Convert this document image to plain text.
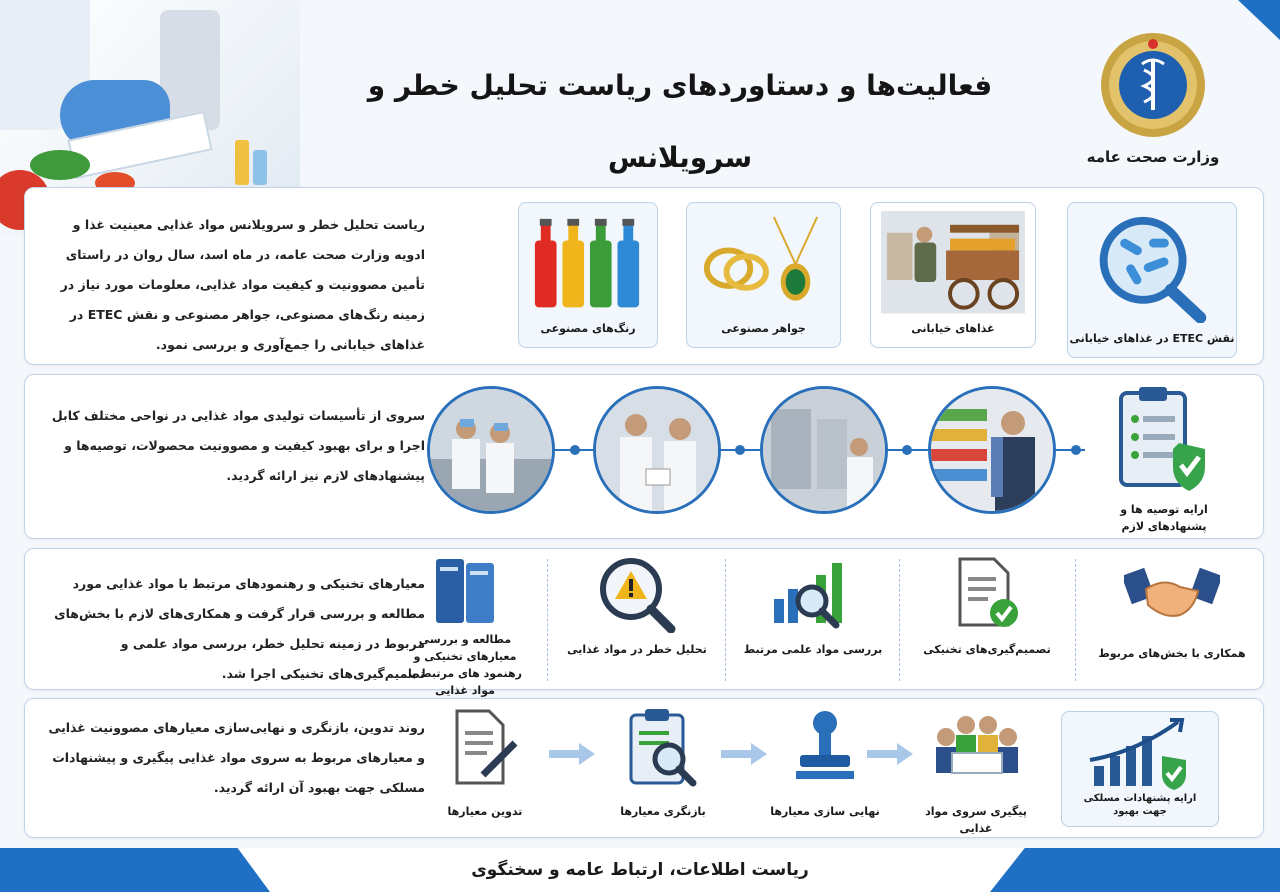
فعالیت‌ها و دستاوردهای ریاست تحلیل خطر و سرویلانس	وزارت صحت عامه
ریاست تحلیل خطر و سرویلانس مواد غذایی معینیت غذا و ادویه وزارت صحت عامه، در ماه اسد، سال روان در راستای تأمین مصوونیت و کیفیت مواد غذایی، معلومات مورد نیاز در زمینه رنگ‌های مصنوعی، جواهر مصنوعی و نقش ETEC در غذاهای خیابانی را جمع‌آوری و بررسی نمود.
رنگ‌های مصنوعی	جواهر مصنوعی	غذاهای خیابانی
نقش ETEC در غذاهای خیابانی
سروی از تأسیسات تولیدی مواد غذایی در نواحی مختلف کابل اجرا و برای بهبود کیفیت و مصوونیت محصولات، توصیه‌ها و پیشنهادهای لازم نیز ارائه گردید.
ارایه توصیه ها و پشنهادهای لازم
معیارهای تخنیکی و رهنمودهای مرتبط با مواد غذایی مورد مطالعه و بررسی قرار گرفت و همکاری‌های لازم با بخش‌های مربوط در زمینه تحلیل خطر، بررسی مواد علمی و تصمیم‌گیری‌های تخنیکی اجرا شد.
مطالعه و بررسی معیارهای تخنیکی و رهنمود های مرتبط با مواد غذایی
تحلیل خطر در مواد غذایی	بررسی مواد علمی مرتبط	تصمیم‌گیری‌های تخنیکی	همکاری با بخش‌های مربوط
روند تدوین، بازنگری و نهایی‌سازی معیارهای مصوونیت غذایی و معیارهای مربوط به سروی مواد غذایی پیگیری و پیشنهادات مسلکی جهت بهبود آن ارائه گردید.
تدوین معیارها	بازنگری معیارها	نهایی سازی معیارها	پیگیری سروی مواد غذایی
ارایه پشنهادات مسلکی جهت بهبود
ریاست اطلاعات، ارتباط عامه و سخنگوی
